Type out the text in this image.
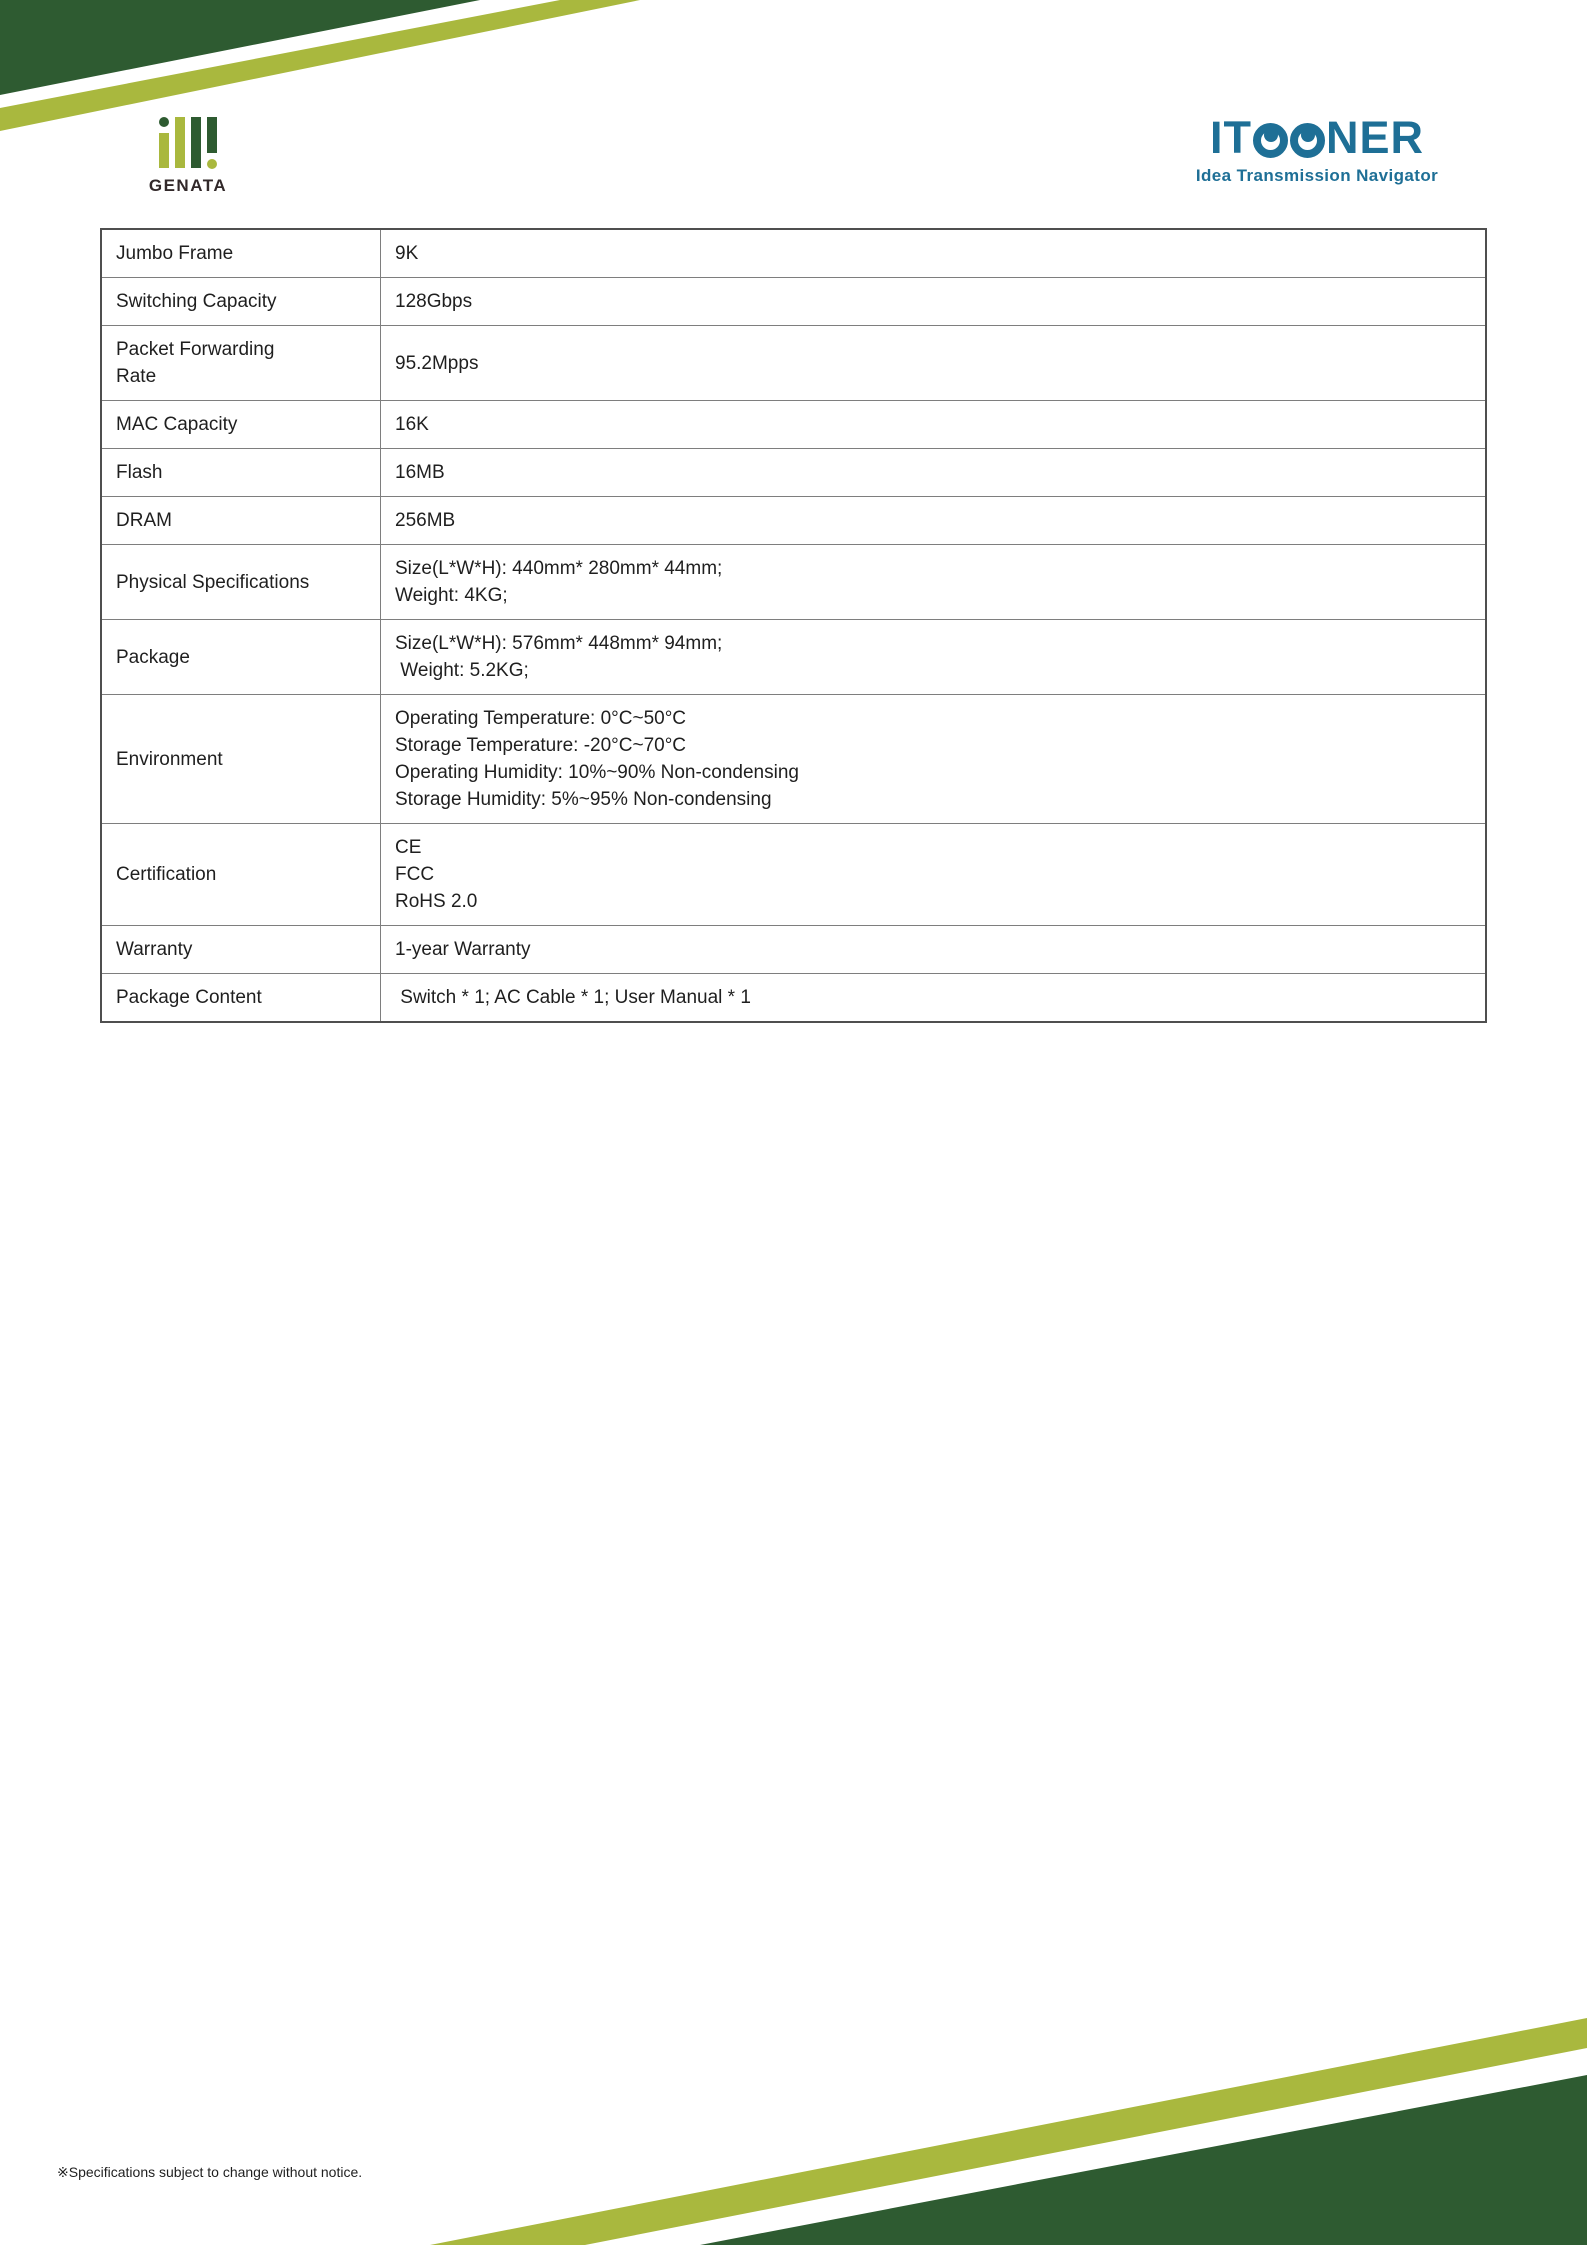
GENATA
IT NER
Idea Transmission Navigator
Jumbo Frame	9K

Switching Capacity	128Gbps

Packet Forwarding
Rate	95.2Mpps

MAC Capacity	16K

Flash	16MB

DRAM	256MB

Physical Specifications	Size(L*W*H): 440mm* 280mm* 44mm;
Weight: 4KG;

Package	Size(L*W*H): 576mm* 448mm* 94mm;
Weight: 5.2KG;

Environment	Operating Temperature: 0°C~50°C
Storage Temperature: -20°C~70°C
Operating Humidity: 10%~90% Non-condensing
Storage Humidity: 5%~95% Non-condensing

Certification	CE
FCC
RoHS 2.0

Warranty	1-year Warranty

Package Content	Switch * 1; AC Cable * 1; User Manual * 1
※Specifications subject to change without notice.
